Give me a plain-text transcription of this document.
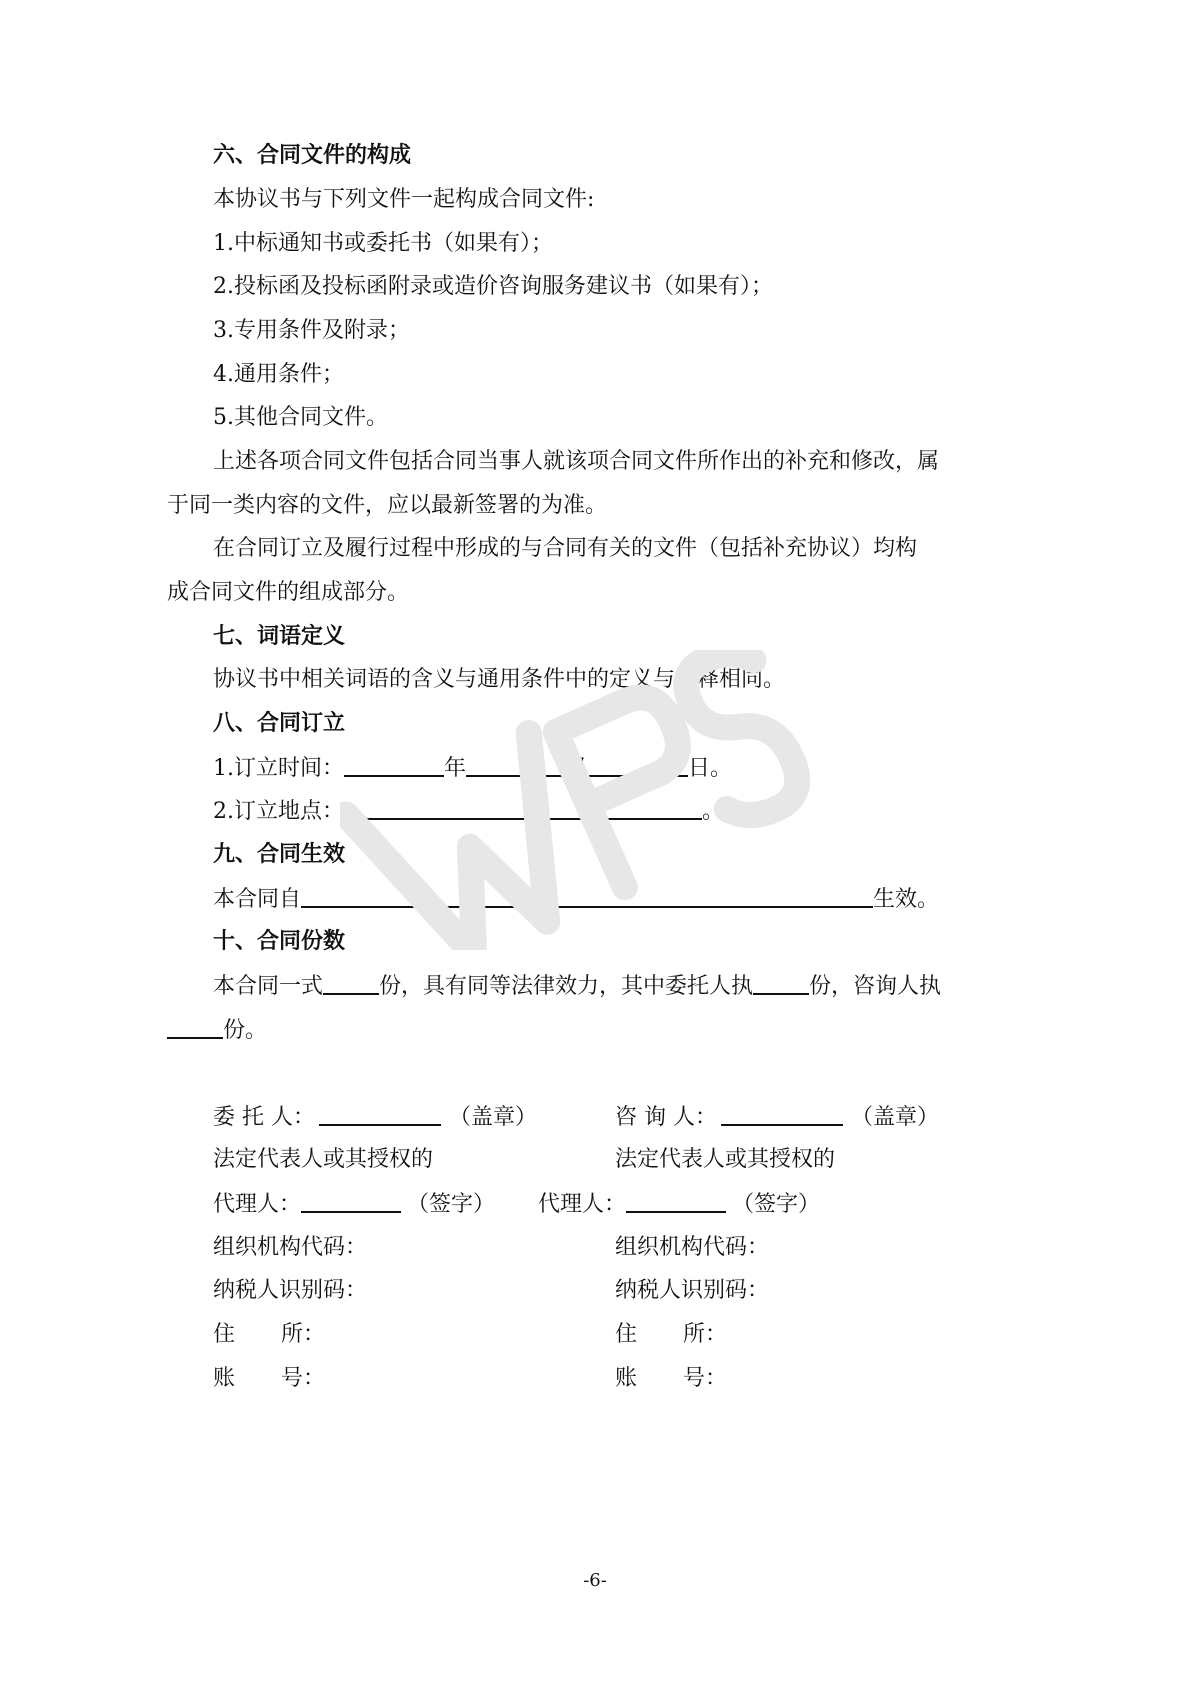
六、合同文件的构成
本协议书与下列文件一起构成合同文件:
1.中标通知书或委托书（如果有）；
2.投标函及投标函附录或造价咨询服务建议书（如果有）；
3.专用条件及附录；
4.通用条件；
5.其他合同文件。
上述各项合同文件包括合同当事人就该项合同文件所作出的补充和修改，属
于同一类内容的文件，应以最新签署的为准。
在合同订立及履行过程中形成的与合同有关的文件（包括补充协议）均构
成合同文件的组成部分。
七、词语定义
协议书中相关词语的含义与通用条件中的定义与解释相同。
八、合同订立
1.订立时间：	年	月	日。
2.订立地点：	。
九、合同生效
本合同自	生效。
十、合同份数
本合同一式	份，具有同等法律效力，其中委托人执	份，咨询人执
份。
委 托 人：	（盖章）	咨 询 人：	（盖章）
法定代表人或其授权的	法定代表人或其授权的
代理人：	（签字） 代理人：	（签字）
组织机构代码：	组织机构代码：
纳税人识别码：	纳税人识别码：
住 所：	住 所：
账 号：	账 号：
-6-
